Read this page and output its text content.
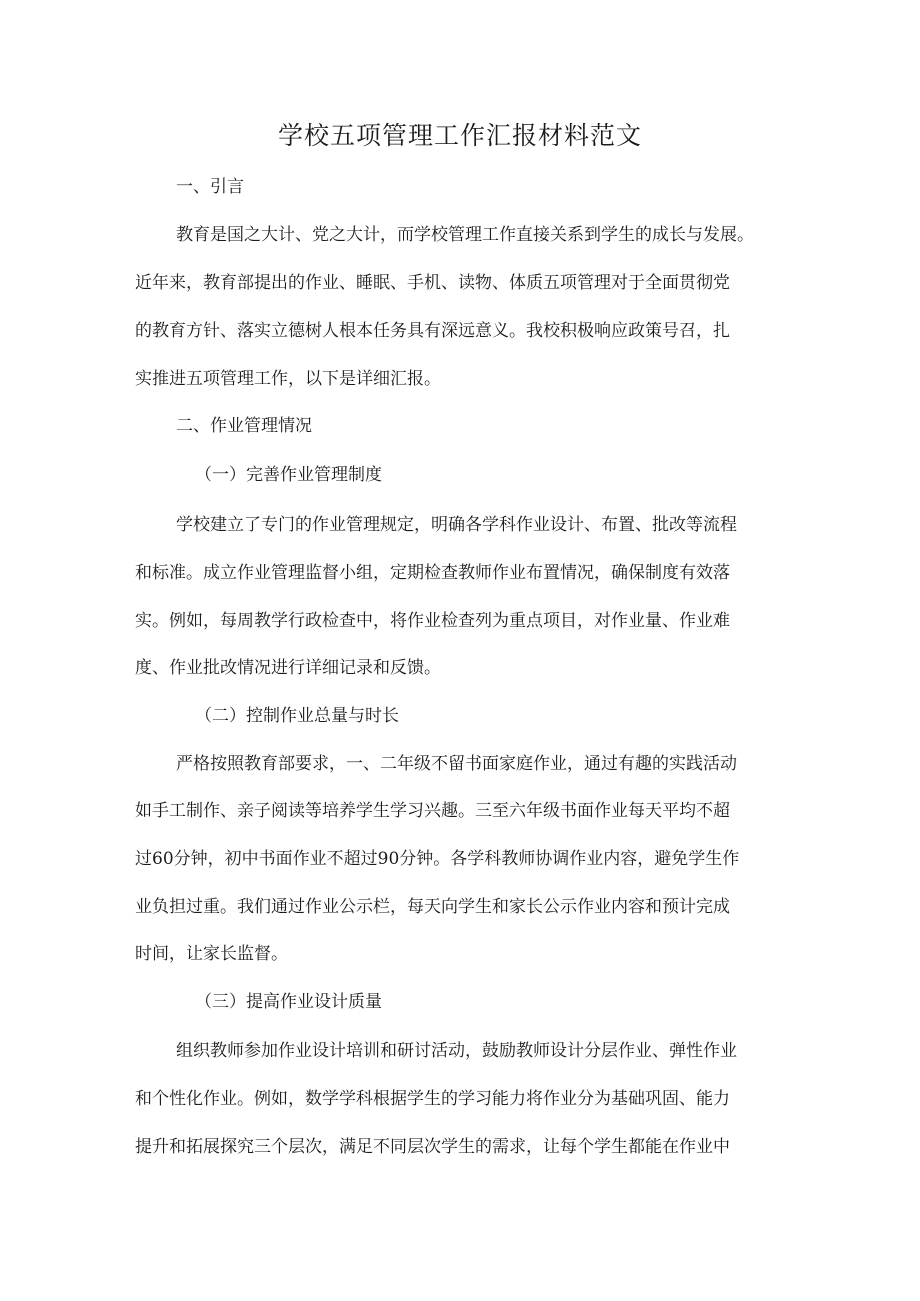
学校五项管理工作汇报材料范文
一、引言
教育是国之大计、党之大计，而学校管理工作直接关系到学生的成长与发展。
近年来，教育部提出的作业、睡眠、手机、读物、体质五项管理对于全面贯彻党
的教育方针、落实立德树人根本任务具有深远意义。我校积极响应政策号召，扎
实推进五项管理工作，以下是详细汇报。
二、作业管理情况
（一）完善作业管理制度
学校建立了专门的作业管理规定，明确各学科作业设计、布置、批改等流程
和标准。成立作业管理监督小组，定期检查教师作业布置情况，确保制度有效落
实。例如，每周教学行政检查中，将作业检查列为重点项目，对作业量、作业难
度、作业批改情况进行详细记录和反馈。
（二）控制作业总量与时长
严格按照教育部要求，一、二年级不留书面家庭作业，通过有趣的实践活动
如手工制作、亲子阅读等培养学生学习兴趣。三至六年级书面作业每天平均不超
过60分钟，初中书面作业不超过90分钟。各学科教师协调作业内容，避免学生作
业负担过重。我们通过作业公示栏，每天向学生和家长公示作业内容和预计完成
时间，让家长监督。
（三）提高作业设计质量
组织教师参加作业设计培训和研讨活动，鼓励教师设计分层作业、弹性作业
和个性化作业。例如，数学学科根据学生的学习能力将作业分为基础巩固、能力
提升和拓展探究三个层次，满足不同层次学生的需求，让每个学生都能在作业中
